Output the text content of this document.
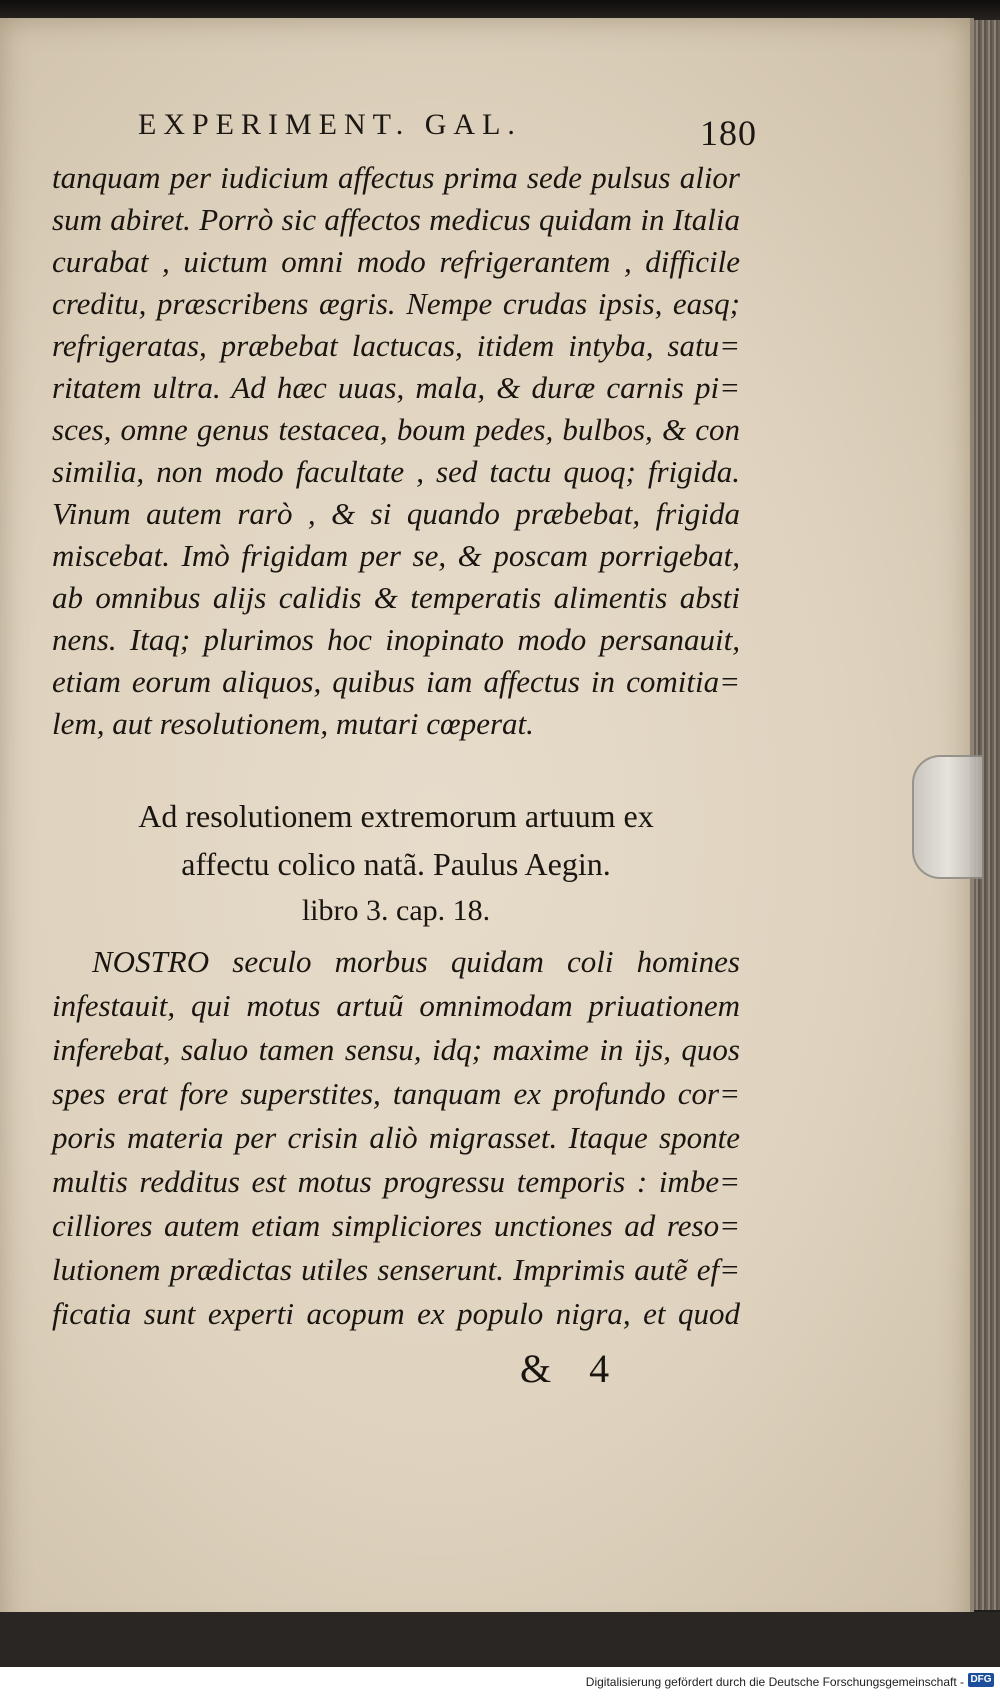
EXPERIMENT. GAL.	180
tanquam per iudicium affectus prima sede pulsus alior
sum abiret. Porrò sic affectos medicus quidam in Italia
curabat , uictum omni modo refrigerantem , difficile
creditu, præscribens ægris. Nempe crudas ipsis, easq;
refrigeratas, præbebat lactucas, itidem intyba, satu=
ritatem ultra. Ad hæc uuas, mala, & duræ carnis pi=
sces, omne genus testacea, boum pedes, bulbos, & con
similia, non modo facultate , sed tactu quoq; frigida.
Vinum autem rarò , & si quando præbebat, frigida
miscebat. Imò frigidam per se, & poscam porrigebat,
ab omnibus alijs calidis & temperatis alimentis absti
nens. Itaq; plurimos hoc inopinato modo persanauit,
etiam eorum aliquos, quibus iam affectus in comitia=
lem, aut resolutionem, mutari cœperat.
Ad resolutionem extremorum artuum ex
affectu colico natã. Paulus Aegin.
libro 3. cap. 18.
NOSTRO seculo morbus quidam coli homines
infestauit, qui motus artuũ omnimodam priuationem
inferebat, saluo tamen sensu, idq; maxime in ijs, quos
spes erat fore superstites, tanquam ex profundo cor=
poris materia per crisin aliò migrasset. Itaque sponte
multis redditus est motus progressu temporis : imbe=
cilliores autem etiam simpliciores unctiones ad reso=
lutionem prædictas utiles senserunt. Imprimis autẽ ef=
ficatia sunt experti acopum ex populo nigra, et quod
& 4
Digitalisierung gefördert durch die Deutsche Forschungsgemeinschaft - DFG
